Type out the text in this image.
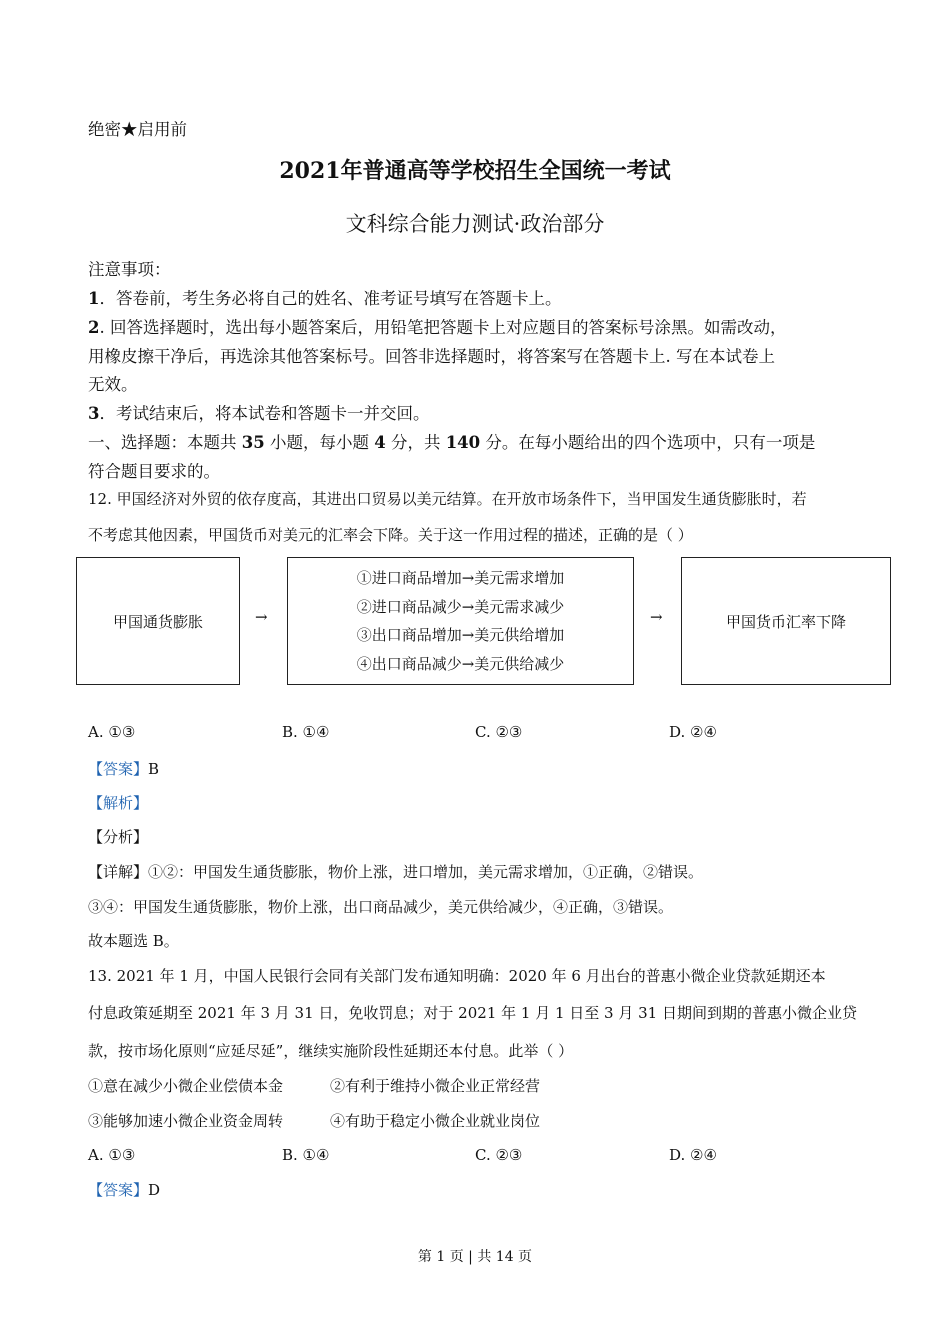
绝密★启用前
2021年普通高等学校招生全国统一考试
文科综合能力测试·政治部分
注意事项：
1．答卷前，考生务必将自己的姓名、准考证号填写在答题卡上。
2. 回答选择题时，选出每小题答案后，用铅笔把答题卡上对应题目的答案标号涂黑。如需改动，
用橡皮擦干净后，再选涂其他答案标号。回答非选择题时，将答案写在答题卡上. 写在本试卷上
无效。
3．考试结束后，将本试卷和答题卡一并交回。
一、选择题：本题共 35 小题，每小题 4 分，共 140 分。在每小题给出的四个选项中，只有一项是
符合题目要求的。
12. 甲国经济对外贸的依存度高，其进出口贸易以美元结算。在开放市场条件下，当甲国发生通货膨胀时，若
不考虑其他因素，甲国货币对美元的汇率会下降。关于这一作用过程的描述，正确的是（ ）
甲国通货膨胀	→
①进口商品增加→美元需求增加
②进口商品减少→美元需求减少
③出口商品增加→美元供给增加
④出口商品减少→美元供给减少
→	甲国货币汇率下降
A. ①③	B. ①④	C. ②③	D. ②④
【答案】B
【解析】
【分析】
【详解】①②：甲国发生通货膨胀，物价上涨，进口增加，美元需求增加，①正确，②错误。
③④：甲国发生通货膨胀，物价上涨，出口商品减少，美元供给减少，④正确，③错误。
故本题选 B。
13. 2021 年 1 月，中国人民银行会同有关部门发布通知明确：2020 年 6 月出台的普惠小微企业贷款延期还本
付息政策延期至 2021 年 3 月 31 日，免收罚息；对于 2021 年 1 月 1 日至 3 月 31 日期间到期的普惠小微企业贷
款，按市场化原则“应延尽延”，继续实施阶段性延期还本付息。此举（ ）
①意在减少小微企业偿债本金	②有利于维持小微企业正常经营
③能够加速小微企业资金周转	④有助于稳定小微企业就业岗位
A. ①③	B. ①④	C. ②③	D. ②④
【答案】D
第 1 页 | 共 14 页
